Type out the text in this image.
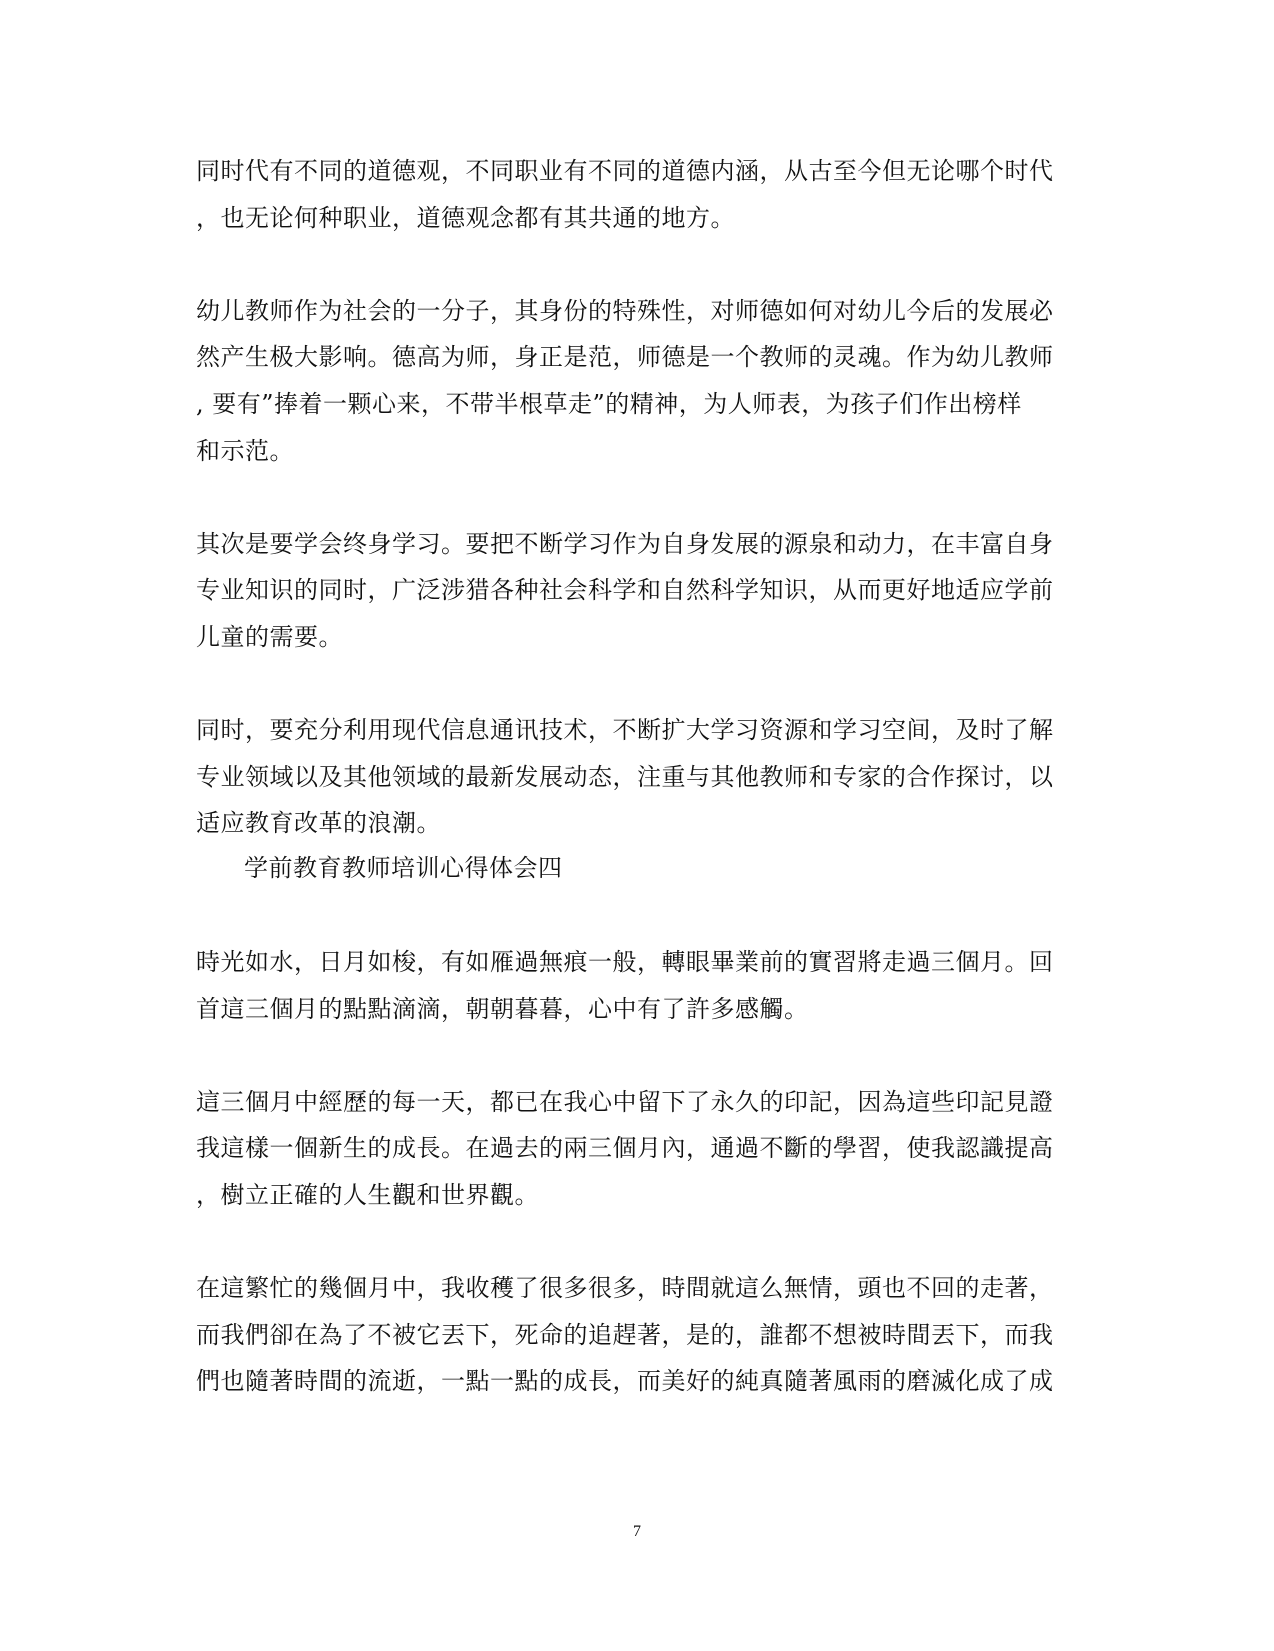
同时代有不同的道德观，不同职业有不同的道德内涵，从古至今但无论哪个时代
，也无论何种职业，道德观念都有其共通的地方。
幼儿教师作为社会的一分子，其身份的特殊性，对师德如何对幼儿今后的发展必
然产生极大影响。德高为师，身正是范，师德是一个教师的灵魂。作为幼儿教师
, 要有”捧着一颗心来，不带半根草走”的精神，为人师表，为孩子们作出榜样
和示范。
其次是要学会终身学习。要把不断学习作为自身发展的源泉和动力，在丰富自身
专业知识的同时，广泛涉猎各种社会科学和自然科学知识，从而更好地适应学前
儿童的需要。
同时，要充分利用现代信息通讯技术，不断扩大学习资源和学习空间，及时了解
专业领域以及其他领域的最新发展动态，注重与其他教师和专家的合作探讨，以
适应教育改革的浪潮。
学前教育教师培训心得体会四
時光如水，日月如梭，有如雁過無痕一般，轉眼畢業前的實習將走過三個月。回
首這三個月的點點滴滴，朝朝暮暮，心中有了許多感觸。
這三個月中經歷的每一天，都已在我心中留下了永久的印記，因為這些印記見證
我這樣一個新生的成長。在過去的兩三個月內，通過不斷的學習，使我認識提高
，樹立正確的人生觀和世界觀。
在這繁忙的幾個月中，我收穫了很多很多，時間就這么無情，頭也不回的走著，
而我們卻在為了不被它丟下，死命的追趕著，是的，誰都不想被時間丟下，而我
們也隨著時間的流逝，一點一點的成長，而美好的純真隨著風雨的磨滅化成了成
7
